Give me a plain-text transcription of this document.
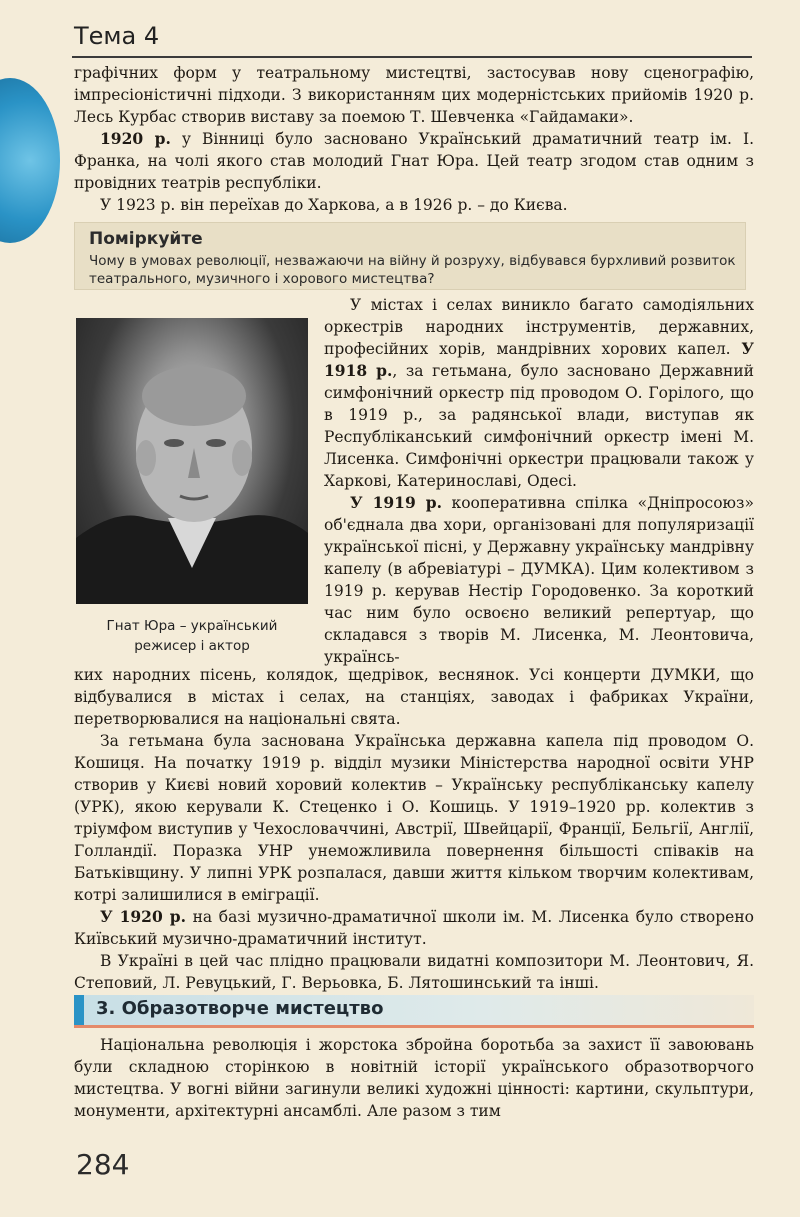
Тема 4

графічних форм у театральному мистецтві, застосував нову сценографію, імпресіоністичні підходи. З використанням цих модерністських прийомів 1920 р. Лесь Курбас створив виставу за поемою Т. Шевченка «Гайдамаки».

1920 р. у Вінниці було засновано Український драматичний театр ім. І. Франка, на чолі якого став молодий Гнат Юра. Цей театр згодом став одним з провідних театрів республіки.

У 1923 р. він переїхав до Харкова, а в 1926 р. – до Києва.

Поміркуйте
Чому в умовах революції, незважаючи на війну й розруху, відбувався бурхливий розвиток театрального, музичного і хорового мистецтва?
Гнат Юра – український
режисер і актор

У містах і селах виникло багато самодіяльних оркестрів народних інструментів, державних, професійних хорів, мандрівних хорових капел. У 1918 р., за гетьмана, було засновано Державний симфонічний оркестр під проводом О. Горілого, що в 1919 р., за радянської влади, виступав як Республіканський симфонічний оркестр імені М. Лисенка. Симфонічні оркестри працювали також у Харкові, Катеринославі, Одесі.

У 1919 р. кооперативна спілка «Дніпросоюз» об'єднала два хори, організовані для популяризації української пісні, у Державну українську мандрівну капелу (в абревіатурі – ДУМКА). Цим колективом з 1919 р. керував Нестір Городовенко. За короткий час ним було освоєно великий репертуар, що складався з творів М. Лисенка, М. Леонтовича, українсь-

ких народних пісень, колядок, щедрівок, веснянок. Усі концерти ДУМКИ, що відбувалися в містах і селах, на станціях, заводах і фабриках України, перетворювалися на національні свята.

За гетьмана була заснована Українська державна капела під проводом О. Кошиця. На початку 1919 р. відділ музики Міністерства народної освіти УНР створив у Києві новий хоровий колектив – Українську республіканську капелу (УРК), якою керували К. Стеценко і О. Кошиць. У 1919–1920 рр. колектив з тріумфом виступив у Чехословаччині, Австрії, Швейцарії, Франції, Бельгії, Англії, Голландії. Поразка УНР унеможливила повернення більшості співаків на Батьківщину. У липні УРК розпалася, давши життя кільком творчим колективам, котрі залишилися в еміграції.

У 1920 р. на базі музично-драматичної школи ім. М. Лисенка було створено Київський музично-драматичний інститут.

В Україні в цей час плідно працювали видатні композитори М. Леонтович, Я. Степовий, Л. Ревуцький, Г. Верьовка, Б. Лятошинський та інші.

3. Образотворче мистецтво

Національна революція і жорстока збройна боротьба за захист її завоювань були складною сторінкою в новітній історії українського образотворчого мистецтва. У вогні війни загинули великі художні цінності: картини, скульптури, монументи, архітектурні ансамблі. Але разом з тим

284
